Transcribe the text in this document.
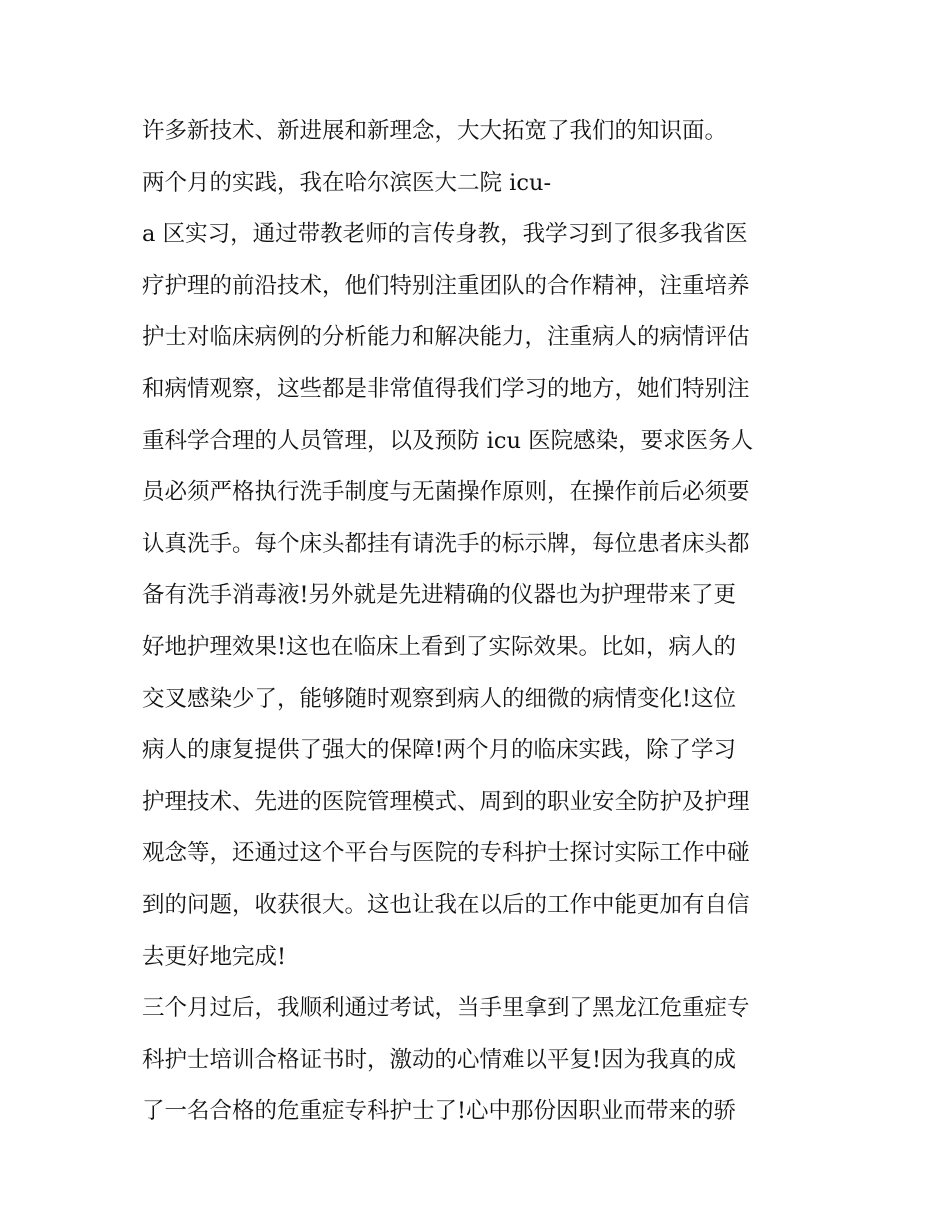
许多新技术、新进展和新理念，大大拓宽了我们的知识面。
两个月的实践，我在哈尔滨医大二院 icu-
a 区实习，通过带教老师的言传身教，我学习到了很多我省医
疗护理的前沿技术，他们特别注重团队的合作精神，注重培养
护士对临床病例的分析能力和解决能力，注重病人的病情评估
和病情观察，这些都是非常值得我们学习的地方，她们特别注
重科学合理的人员管理，以及预防 icu 医院感染，要求医务人
员必须严格执行洗手制度与无菌操作原则，在操作前后必须要
认真洗手。每个床头都挂有请洗手的标示牌，每位患者床头都
备有洗手消毒液!另外就是先进精确的仪器也为护理带来了更
好地护理效果!这也在临床上看到了实际效果。比如，病人的
交叉感染少了，能够随时观察到病人的细微的病情变化!这位
病人的康复提供了强大的保障!两个月的临床实践，除了学习
护理技术、先进的医院管理模式、周到的职业安全防护及护理
观念等，还通过这个平台与医院的专科护士探讨实际工作中碰
到的问题，收获很大。这也让我在以后的工作中能更加有自信
去更好地完成!
三个月过后，我顺利通过考试，当手里拿到了黑龙江危重症专
科护士培训合格证书时，激动的心情难以平复!因为我真的成
了一名合格的危重症专科护士了!心中那份因职业而带来的骄
